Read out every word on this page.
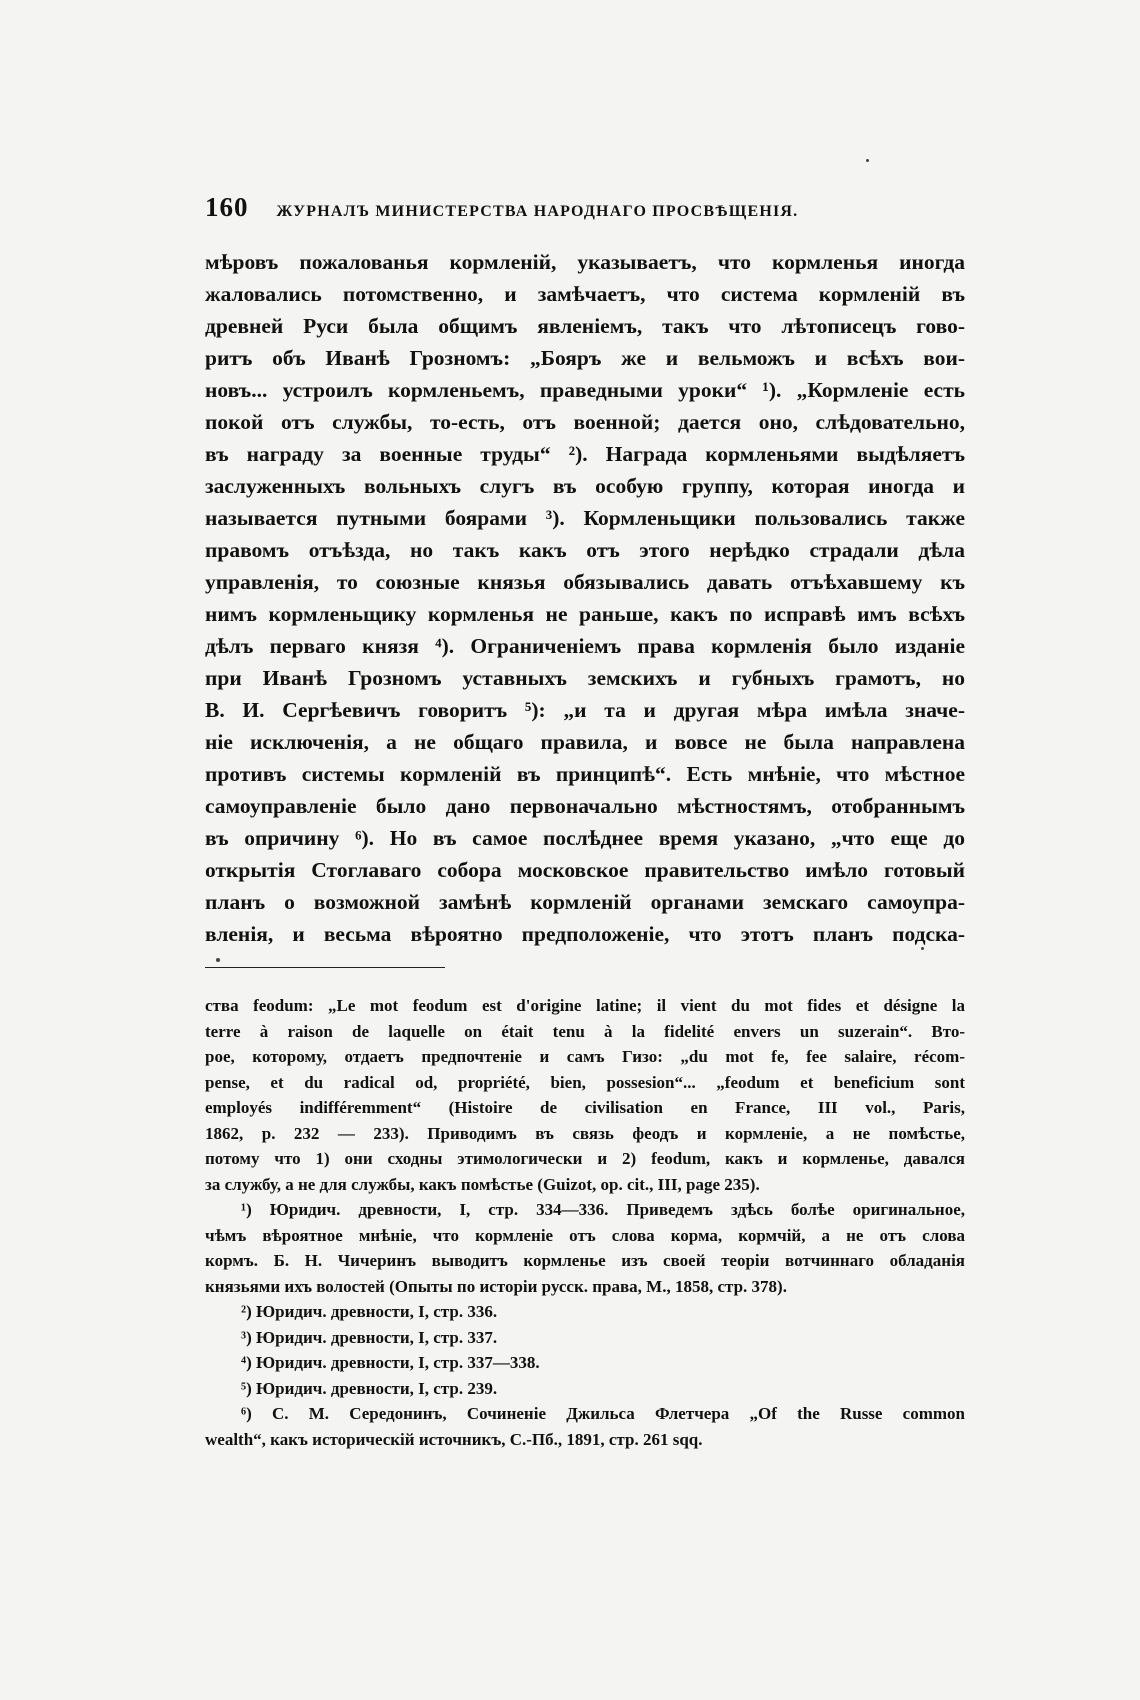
160 ЖУРНАЛЪ МИНИСТЕРСТВА НАРОДНАГО ПРОСВѢЩЕНІЯ.
мѣровъ пожалованья кормленій, указываетъ, что кормленья иногда
жаловались потомственно, и замѣчаетъ, что система кормленій въ
древней Руси была общимъ явленіемъ, такъ что лѣтописецъ гово-
ритъ объ Иванѣ Грозномъ: „Бояръ же и вельможъ и всѣхъ вои-
новъ... устроилъ кормленьемъ, праведными уроки“ ¹). „Кормленіе есть
покой отъ службы, то-есть, отъ военной; дается оно, слѣдовательно,
въ награду за военные труды“ ²). Награда кормленьями выдѣляетъ
заслуженныхъ вольныхъ слугъ въ особую группу, которая иногда и
называется путными боярами ³). Кормленьщики пользовались также
правомъ отъѣзда, но такъ какъ отъ этого нерѣдко страдали дѣла
управленія, то союзные князья обязывались давать отъѣхавшему къ
нимъ кормленьщику кормленья не раньше, какъ по исправѣ имъ всѣхъ
дѣлъ перваго князя ⁴). Ограниченіемъ права кормленія было изданіе
при Иванѣ Грозномъ уставныхъ земскихъ и губныхъ грамотъ, но
В. И. Сергѣевичъ говоритъ ⁵): „и та и другая мѣра имѣла значе-
ніе исключенія, а не общаго правила, и вовсе не была направлена
противъ системы кормленій въ принципѣ“. Есть мнѣніе, что мѣстное
самоуправленіе было дано первоначально мѣстностямъ, отобраннымъ
въ опричину ⁶). Но въ самое послѣднее время указано, „что еще до
открытія Стоглаваго собора московское правительство имѣло готовый
планъ о возможной замѣнѣ кормленій органами земскаго самоупра-
вленія, и весьма вѣроятно предположеніе, что этотъ планъ подска-
ства feodum: „Le mot feodum est d'origine latine; il vient du mot fides et désigne la
terre à raison de laquelle on était tenu à la fidelité envers un suzerain“. Вто-
рое, которому, отдаетъ предпочтеніе и самъ Гизо: „du mot fe, fee salaire, récom-
pense, et du radical od, propriété, bien, possesion“... „feodum et beneficium sont
employés indifféremment“ (Histoire de civilisation en France, III vol., Paris,
1862, p. 232 — 233). Приводимъ въ связь феодъ и кормленіе, а не помѣстье,
потому что 1) они сходны этимологически и 2) feodum, какъ и кормленье, давался
за службу, а не для службы, какъ помѣстье (Guizot, op. cit., III, page 235).
¹) Юридич. древности, I, стр. 334—336. Приведемъ здѣсь болѣе оригинальное,
чѣмъ вѣроятное мнѣніе, что кормленіе отъ слова корма, кормчій, а не отъ слова
кормъ. Б. Н. Чичеринъ выводитъ кормленье изъ своей теоріи вотчиннаго обладанія
князьями ихъ волостей (Опыты по исторіи русск. права, М., 1858, стр. 378).
²) Юридич. древности, I, стр. 336.
³) Юридич. древности, I, стр. 337.
⁴) Юридич. древности, I, стр. 337—338.
⁵) Юридич. древности, I, стр. 239.
⁶) С. М. Середонинъ, Сочиненіе Джильса Флетчера „Of the Russe common
wealth“, какъ историческій источникъ, С.-Пб., 1891, стр. 261 sqq.
